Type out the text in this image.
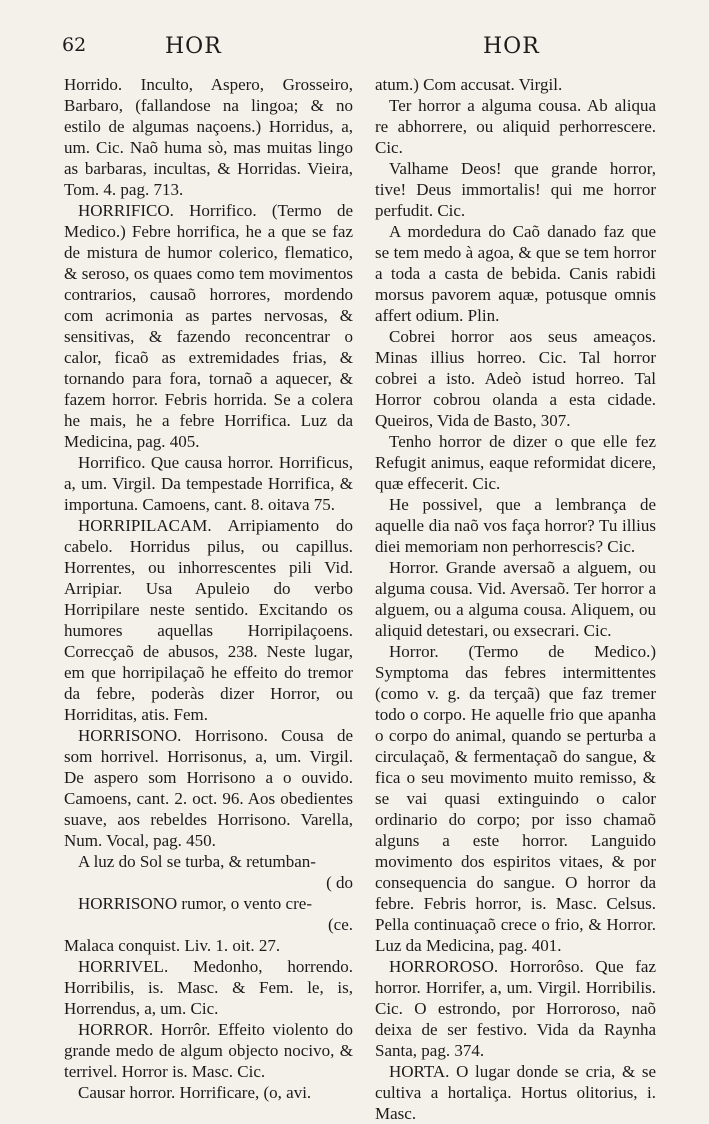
62	HOR	HOR

Horrido. Inculto, Aspero, Grosseiro, Barbaro, (fallandose na lingoa; & no estilo de algumas naçoens.) Horridus, a, um. Cic. Naõ huma sò, mas muitas lingo as barbaras, incultas, & Horridas. Vieira, Tom. 4. pag. 713.

HORRIFICO. Horrifico. (Termo de Medico.) Febre horrifica, he a que se faz de mistura de humor colerico, flematico, & seroso, os quaes como tem movimentos contrarios, causaõ horrores, mordendo com acrimonia as partes nervosas, & sensitivas, & fazendo reconcentrar o calor, ficaõ as extremidades frias, & tornando para fora, tornaõ a aquecer, & fazem horror. Febris horrida. Se a colera he mais, he a febre Horrifica. Luz da Medicina, pag. 405.

Horrifico. Que causa horror. Horrificus, a, um. Virgil. Da tempestade Horrifica, & importuna. Camoens, cant. 8. oitava 75.

HORRIPILACAM. Arripiamento do cabelo. Horridus pilus, ou capillus. Horrentes, ou inhorrescentes pili Vid. Arripiar. Usa Apuleio do verbo Horripilare neste sentido. Excitando os humores aquellas Horripilaçoens. Correcçaõ de abusos, 238. Neste lugar, em que horripilaçaõ he effeito do tremor da febre, poderàs dizer Horror, ou Horriditas, atis. Fem.

HORRISONO. Horrisono. Cousa de som horrivel. Horrisonus, a, um. Virgil. De aspero som Horrisono a o ouvido. Camoens, cant. 2. oct. 96. Aos obedientes suave, aos rebeldes Horrisono. Varella, Num. Vocal, pag. 450.

A luz do Sol se turba, & retumban-

( do

HORRISONO rumor, o vento cre-

(ce.

Malaca conquist. Liv. 1. oit. 27.

HORRIVEL. Medonho, horrendo. Horribilis, is. Masc. & Fem. le, is, Horrendus, a, um. Cic.

HORROR. Horrôr. Effeito violento do grande medo de algum objecto nocivo, & terrivel. Horror is. Masc. Cic.

Causar horror. Horrificare, (o, avi.

atum.) Com accusat. Virgil.

Ter horror a alguma cousa. Ab aliqua re abhorrere, ou aliquid perhorrescere. Cic.

Valhame Deos! que grande horror, tive! Deus immortalis! qui me horror perfudit. Cic.

A mordedura do Caõ danado faz que se tem medo à agoa, & que se tem horror a toda a casta de bebida. Canis rabidi morsus pavorem aquæ, potusque omnis affert odium. Plin.

Cobrei horror aos seus ameaços. Minas illius horreo. Cic. Tal horror cobrei a isto. Adeò istud horreo. Tal Horror cobrou olanda a esta cidade. Queiros, Vida de Basto, 307.

Tenho horror de dizer o que elle fez Refugit animus, eaque reformidat dicere, quæ effecerit. Cic.

He possivel, que a lembrança de aquelle dia naõ vos faça horror? Tu illius diei memoriam non perhorrescis? Cic.

Horror. Grande aversaõ a alguem, ou alguma cousa. Vid. Aversaõ. Ter horror a alguem, ou a alguma cousa. Aliquem, ou aliquid detestari, ou exsecrari. Cic.

Horror. (Termo de Medico.) Symptoma das febres intermittentes (como v. g. da terçaã) que faz tremer todo o corpo. He aquelle frio que apanha o corpo do animal, quando se perturba a circulaçaõ, & fermentaçaõ do sangue, & fica o seu movimento muito remisso, & se vai quasi extinguindo o calor ordinario do corpo; por isso chamaõ alguns a este horror. Languido movimento dos espiritos vitaes, & por consequencia do sangue. O horror da febre. Febris horror, is. Masc. Celsus. Pella continuaçaõ crece o frio, & Horror. Luz da Medicina, pag. 401.

HORROROSO. Horrorôso. Que faz horror. Horrifer, a, um. Virgil. Horribilis. Cic. O estrondo, por Horroroso, naõ deixa de ser festivo. Vida da Raynha Santa, pag. 374.

HORTA. O lugar donde se cria, & se cultiva a hortaliça. Hortus olitorius, i. Masc.
